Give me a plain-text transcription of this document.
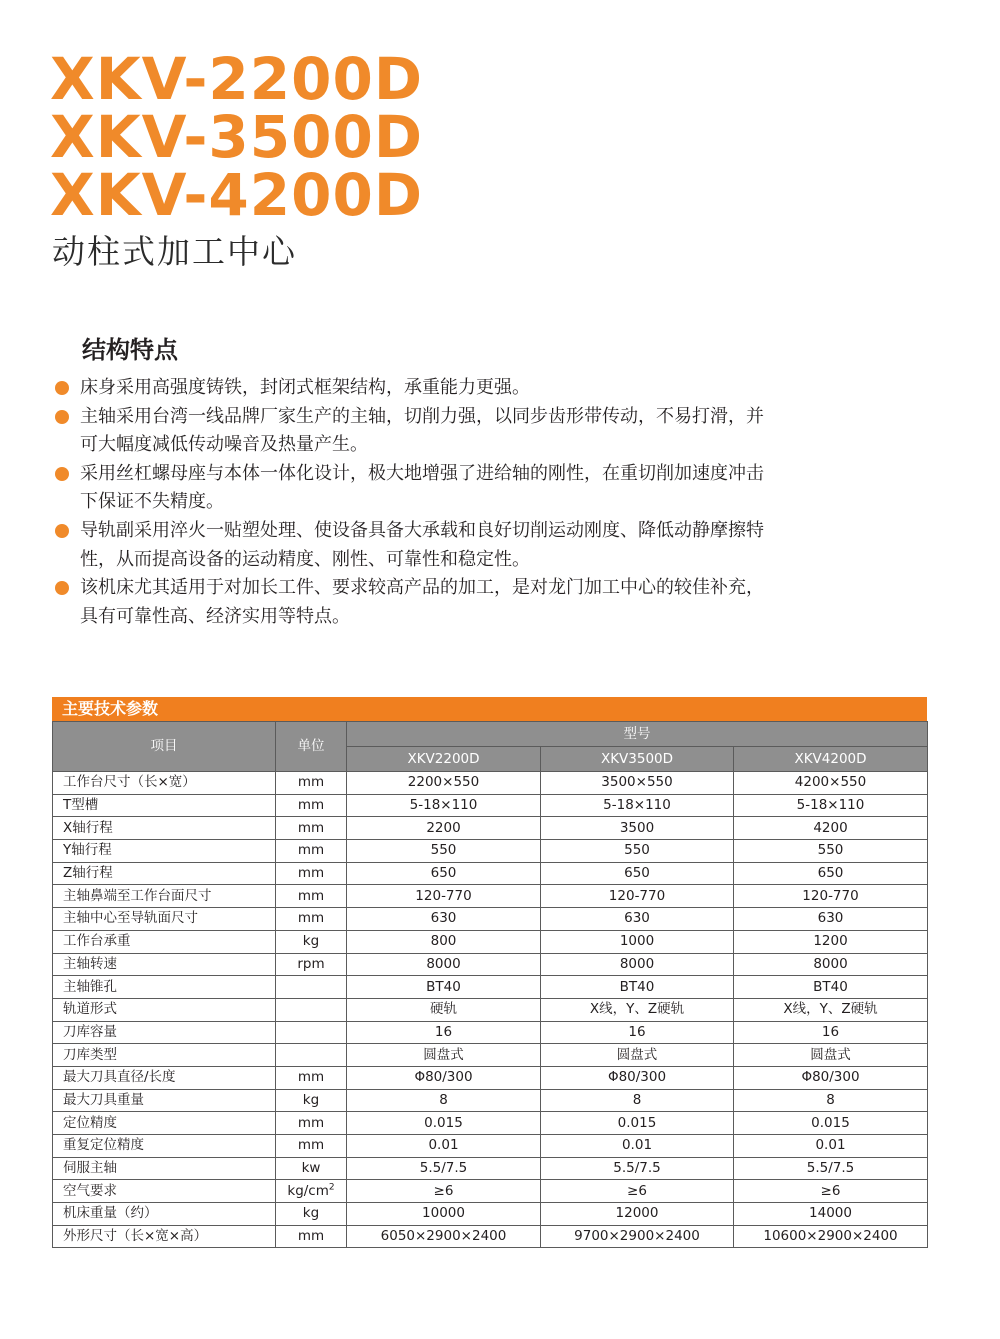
XKV-2200D
XKV-3500D
XKV-4200D
动柱式加工中心
结构特点
床身采用高强度铸铁，封闭式框架结构，承重能力更强。
主轴采用台湾一线品牌厂家生产的主轴，切削力强，以同步齿形带传动，不易打滑，并可大幅度减低传动噪音及热量产生。
采用丝杠螺母座与本体一体化设计，极大地增强了进给轴的刚性，在重切削加速度冲击下保证不失精度。
导轨副采用淬火一贴塑处理、使设备具备大承载和良好切削运动刚度、降低动静摩擦特性，从而提高设备的运动精度、刚性、可靠性和稳定性。
该机床尤其适用于对加长工件、要求较高产品的加工，是对龙门加工中心的较佳补充，具有可靠性高、经济实用等特点。
主要技术参数
项目	单位	型号		
		XKV2200D	XKV3500D	XKV4200D
工作台尺寸（长×宽）	mm	2200×550	3500×550	4200×550
T型槽	mm	5-18×110	5-18×110	5-18×110
X轴行程	mm	2200	3500	4200
Y轴行程	mm	550	550	550
Z轴行程	mm	650	650	650
主轴鼻端至工作台面尺寸	mm	120-770	120-770	120-770
主轴中心至导轨面尺寸	mm	630	630	630
工作台承重	kg	800	1000	1200
主轴转速	rpm	8000	8000	8000
主轴锥孔		BT40	BT40	BT40
轨道形式		硬轨	X线，Y、Z硬轨	X线，Y、Z硬轨
刀库容量		16	16	16
刀库类型		圆盘式	圆盘式	圆盘式
最大刀具直径/长度	mm	Φ80/300	Φ80/300	Φ80/300
最大刀具重量	kg	8	8	8
定位精度	mm	0.015	0.015	0.015
重复定位精度	mm	0.01	0.01	0.01
伺服主轴	kw	5.5/7.5	5.5/7.5	5.5/7.5
空气要求	$kg/cm^2$	≥6	≥6	≥6
机床重量（约）	kg	10000	12000	14000
外形尺寸（长×宽×高）	mm	6050×2900×2400	9700×2900×2400	10600×2900×2400
